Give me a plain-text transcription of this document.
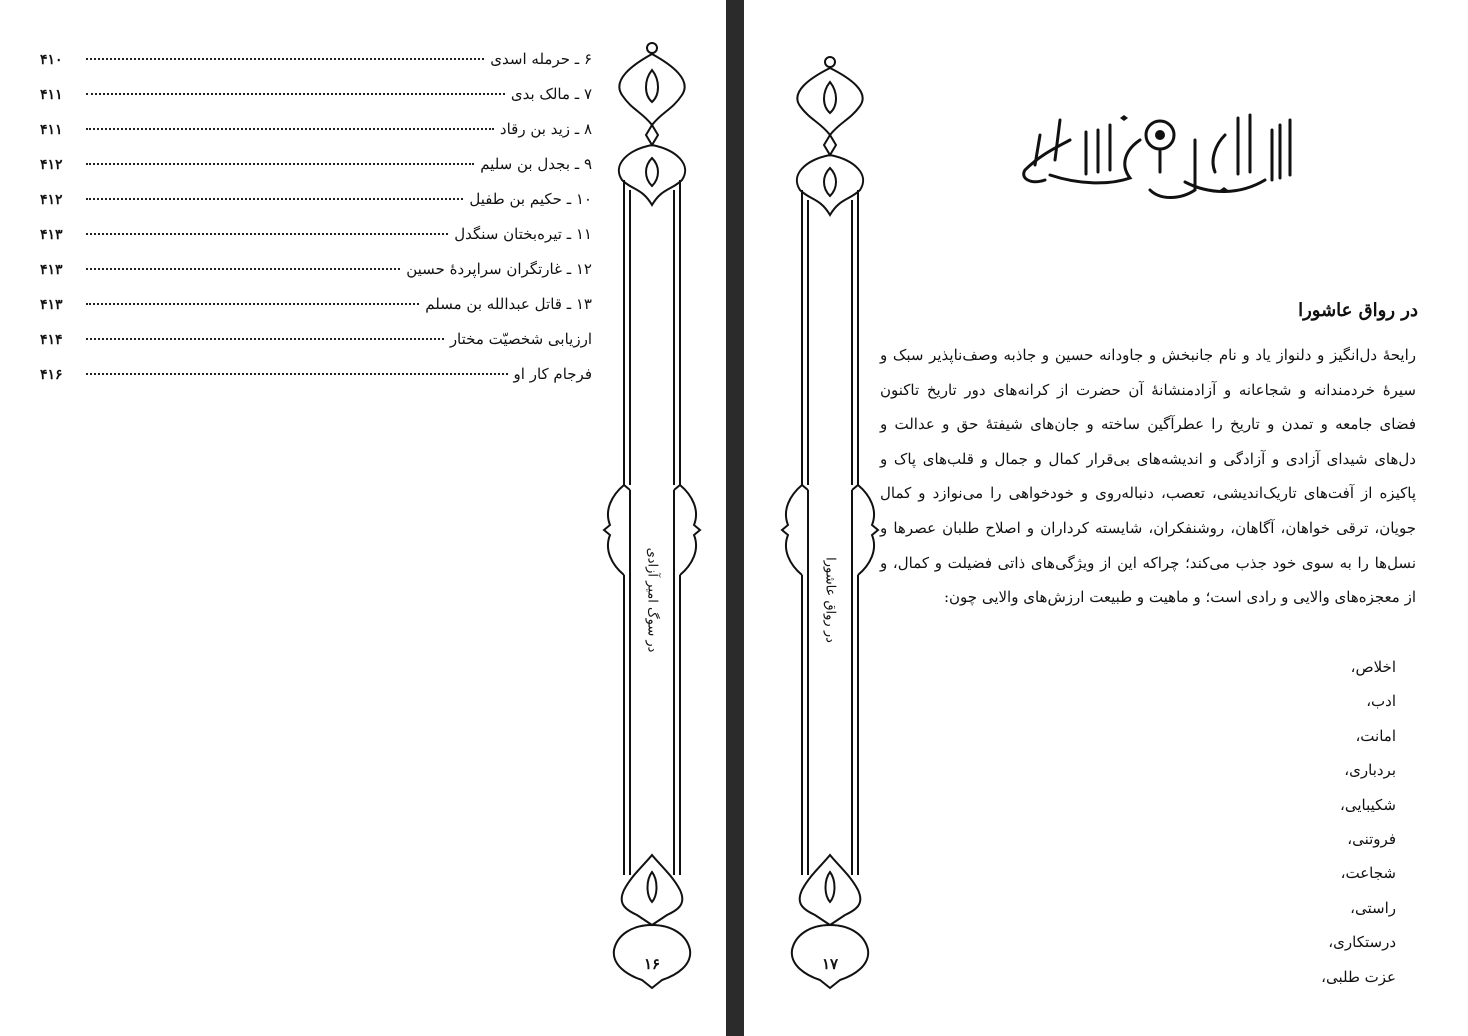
۶ ـ حرمله اسدی
۴۱۰
۷ ـ مالک بدی
۴۱۱
۸ ـ زید بن رقاد
۴۱۱
۹ ـ بجدل بن سلیم
۴۱۲
۱۰ ـ حکیم بن طفیل
۴۱۲
۱۱ ـ تیره‌بختان سنگدل
۴۱۳
۱۲ ـ غارتگران سراپردهٔ حسین
۴۱۳
۱۳ ـ قاتل عبدالله بن مسلم
۴۱۳
ارزیابی شخصیّت مختار
۴۱۴
فرجام کار او
۴۱۶
در سوگ امیر آزادی
۱۶
در رواق عاشورا
۱۷
در رواق عاشورا
رایحهٔ دل‌انگیز و دلنواز یاد و نام جانبخش و جاودانه حسین و جاذبه وصف‌ناپذیر سبک و سیرهٔ خردمندانه و شجاعانه و آزادمنشانهٔ آن حضرت از کرانه‌های دور تاریخ تاکنون فضای جامعه و تمدن و تاریخ را عطرآگین ساخته و جان‌های شیفتهٔ حق و عدالت و دل‌های شیدای آزادی و آزادگی و اندیشه‌های بی‌قرار کمال و جمال و قلب‌های پاک و پاکیزه از آفت‌های تاریک‌اندیشی، تعصب، دنباله‌روی و خودخواهی را می‌نوازد و کمال جویان، ترقی خواهان، آگاهان، روشنفکران، شایسته کرداران و اصلاح طلبان عصرها و نسل‌ها را به سوی خود جذب می‌کند؛ چراکه این از ویژگی‌های ذاتی فضیلت و کمال، و از معجزه‌های والایی و رادی است؛ و ماهیت و طبیعت ارزش‌های والایی چون:
اخلاص،
ادب،
امانت،
بردباری،
شکیبایی،
فروتنی،
شجاعت،
راستی،
درستکاری،
عزت طلبی،
